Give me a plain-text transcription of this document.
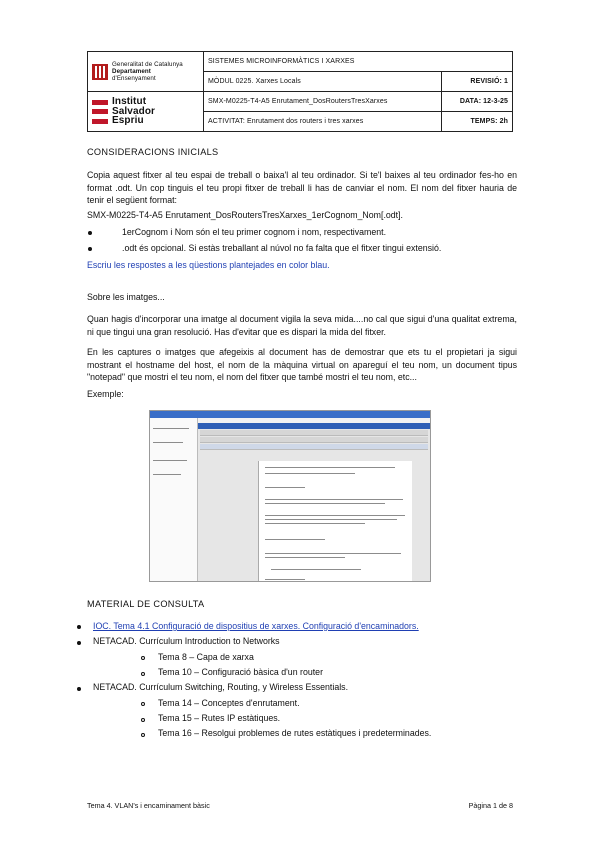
Generalitat de Catalunya
Departament
d'Ensenyament	SISTEMES MICROINFORMÀTICS I XARXES	
	MÒDUL 0225. Xarxes Locals	REVISIÓ: 1

Institut
Salvador
Espriu	SMX-M0225-T4-A5 Enrutament_DosRoutersTresXarxes	DATA: 12-3-25
	ACTIVITAT: Enrutament dos routers i tres xarxes	TEMPS: 2h
CONSIDERACIONS INICIALS
Copia aquest fitxer al teu espai de treball o baixa'l al teu ordinador. Si te'l baixes al teu ordinador fes-ho en format .odt. Un cop tinguis el teu propi fitxer de treball li has de canviar el nom. El nom del fitxer hauria de tenir el següent format:
SMX-M0225-T4-A5 Enrutament_DosRoutersTresXarxes_1erCognom_Nom[.odt].
1erCognom i Nom són el teu primer cognom i nom, respectivament.
.odt és opcional. Si estàs treballant al núvol no fa falta que el fitxer tingui extensió.
Escriu les respostes a les qüestions plantejades en color blau.
Sobre les imatges...
Quan hagis d'incorporar una imatge al document vigila la seva mida....no cal que sigui d'una qualitat extrema, ni que tingui una gran resolució. Has d'evitar que es dispari la mida del fitxer.
En les captures o imatges que afegeixis al document has de demostrar que ets tu el propietari ja sigui mostrant el hostname del host, el nom de la màquina virtual on apareguí el teu nom, un document tipus "notepad" que mostri el teu nom, el nom del fitxer que també mostri el teu nom, etc...
Exemple:
MATERIAL DE CONSULTA
IOC. Tema 4.1 Configuració de dispositius de xarxes. Configuració d'encaminadors.
NETACAD. Currículum Introduction to Networks
Tema 8 – Capa de xarxa
Tema 10 – Configuració bàsica d'un router
NETACAD. Currículum Switching, Routing, y Wireless Essentials.
Tema 14 – Conceptes d'enrutament.
Tema 15 – Rutes IP estàtiques.
Tema 16 – Resolgui problemes de rutes estàtiques i predeterminades.
Tema 4. VLAN's i encaminament bàsic	Pàgina 1 de 8
